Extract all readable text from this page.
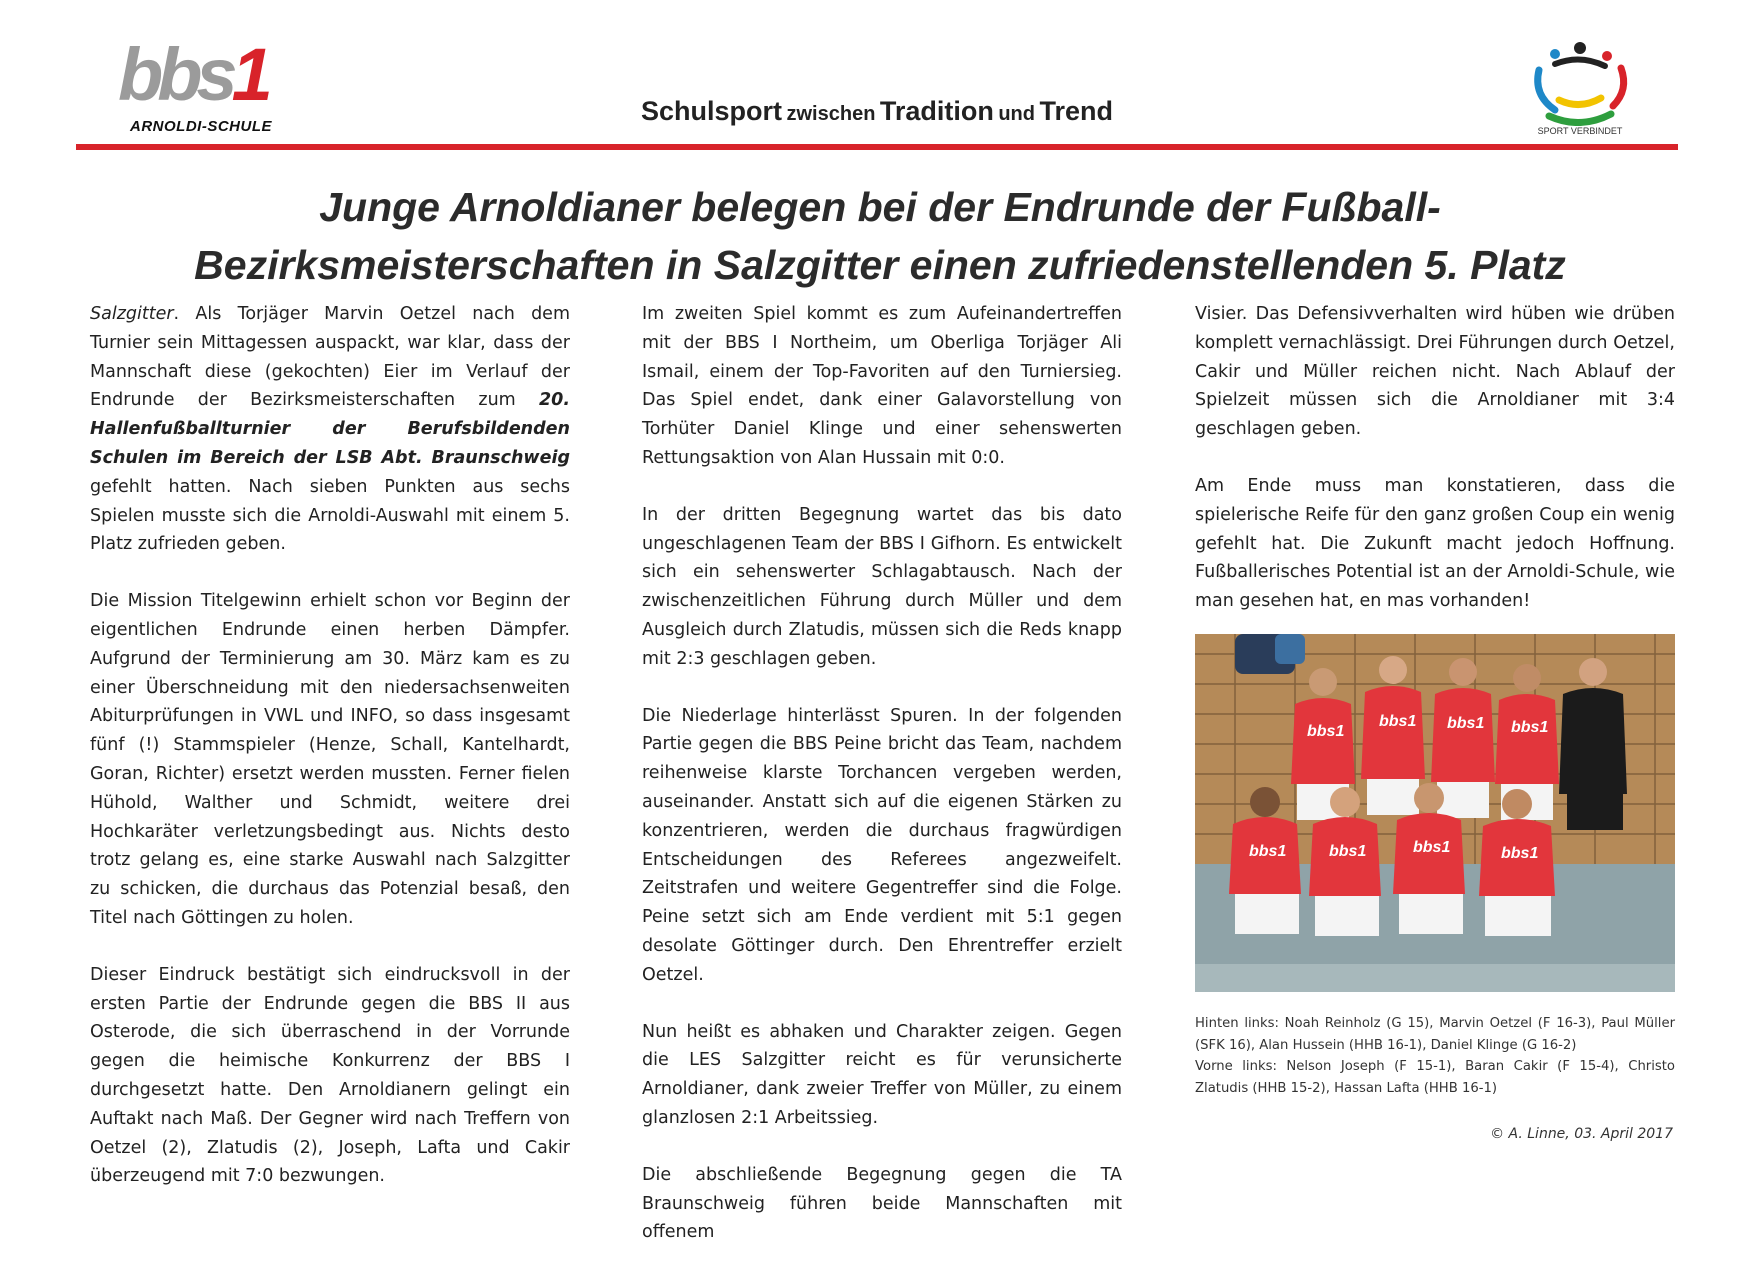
bbs1
ARNOLDI-SCHULE
Schulsport zwischen Tradition und Trend
SPORT VERBINDET
Junge Arnoldianer belegen bei der Endrunde der Fußball-
Bezirksmeisterschaften in Salzgitter einen zufriedenstellenden 5. Platz

Salzgitter. Als Torjäger Marvin Oetzel nach dem Turnier sein Mittagessen auspackt, war klar, dass der Mannschaft diese (gekochten) Eier im Verlauf der Endrunde der Bezirksmeisterschaften zum 20. Hallenfußballturnier der Berufsbildenden Schulen im Bereich der LSB Abt. Braunschweig gefehlt hatten. Nach sieben Punkten aus sechs Spielen musste sich die Arnoldi-Auswahl mit einem 5. Platz zufrieden geben.

Die Mission Titelgewinn erhielt schon vor Beginn der eigentlichen Endrunde einen herben Dämpfer. Aufgrund der Terminierung am 30. März kam es zu einer Überschneidung mit den niedersachsenweiten Abiturprüfungen in VWL und INFO, so dass insgesamt fünf (!) Stammspieler (Henze, Schall, Kantelhardt, Goran, Richter) ersetzt werden mussten. Ferner fielen Hühold, Walther und Schmidt, weitere drei Hochkaräter verletzungsbedingt aus. Nichts desto trotz gelang es, eine starke Auswahl nach Salzgitter zu schicken, die durchaus das Potenzial besaß, den Titel nach Göttingen zu holen.

Dieser Eindruck bestätigt sich eindrucksvoll in der ersten Partie der Endrunde gegen die BBS II aus Osterode, die sich überraschend in der Vorrunde gegen die heimische Konkurrenz der BBS I durchgesetzt hatte. Den Arnoldianern gelingt ein Auftakt nach Maß. Der Gegner wird nach Treffern von Oetzel (2), Zlatudis (2), Joseph, Lafta und Cakir überzeugend mit 7:0 bezwungen.

Im zweiten Spiel kommt es zum Aufeinandertreffen mit der BBS I Northeim, um Oberliga Torjäger Ali Ismail, einem der Top-Favoriten auf den Turniersieg. Das Spiel endet, dank einer Galavorstellung von Torhüter Daniel Klinge und einer sehenswerten Rettungsaktion von Alan Hussain mit 0:0.

In der dritten Begegnung wartet das bis dato ungeschlagenen Team der BBS I Gifhorn. Es entwickelt sich ein sehenswerter Schlagabtausch. Nach der zwischenzeitlichen Führung durch Müller und dem Ausgleich durch Zlatudis, müssen sich die Reds knapp mit 2:3 geschlagen geben.

Die Niederlage hinterlässt Spuren. In der folgenden Partie gegen die BBS Peine bricht das Team, nachdem reihenweise klarste Torchancen vergeben werden, auseinander. Anstatt sich auf die eigenen Stärken zu konzentrieren, werden die durchaus fragwürdigen Entscheidungen des Referees angezweifelt. Zeitstrafen und weitere Gegentreffer sind die Folge. Peine setzt sich am Ende verdient mit 5:1 gegen desolate Göttinger durch. Den Ehrentreffer erzielt Oetzel.

Nun heißt es abhaken und Charakter zeigen. Gegen die LES Salzgitter reicht es für verunsicherte Arnoldianer, dank zweier Treffer von Müller, zu einem glanzlosen 2:1 Arbeitssieg.

Die abschließende Begegnung gegen die TA Braunschweig führen beide Mannschaften mit offenem

Visier. Das Defensivverhalten wird hüben wie drüben komplett vernachlässigt. Drei Führungen durch Oetzel, Cakir und Müller reichen nicht. Nach Ablauf der Spielzeit müssen sich die Arnoldianer mit 3:4 geschlagen geben.

Am Ende muss man konstatieren, dass die spielerische Reife für den ganz großen Coup ein wenig gefehlt hat. Die Zukunft macht jedoch Hoffnung. Fußballerisches Potential ist an der Arnoldi-Schule, wie man gesehen hat, en mas vorhanden!

bbs1
bbs1 bbs1 bbs1
bbs1	bbs1	bbs1	bbs1
Hinten links: Noah Reinholz (G 15), Marvin Oetzel (F 16-3), Paul Müller (SFK 16), Alan Hussein (HHB 16-1), Daniel Klinge (G 16-2)
Vorne links: Nelson Joseph (F 15-1), Baran Cakir (F 15-4), Christo Zlatudis (HHB 15-2), Hassan Lafta (HHB 16-1)
© A. Linne, 03. April 2017
